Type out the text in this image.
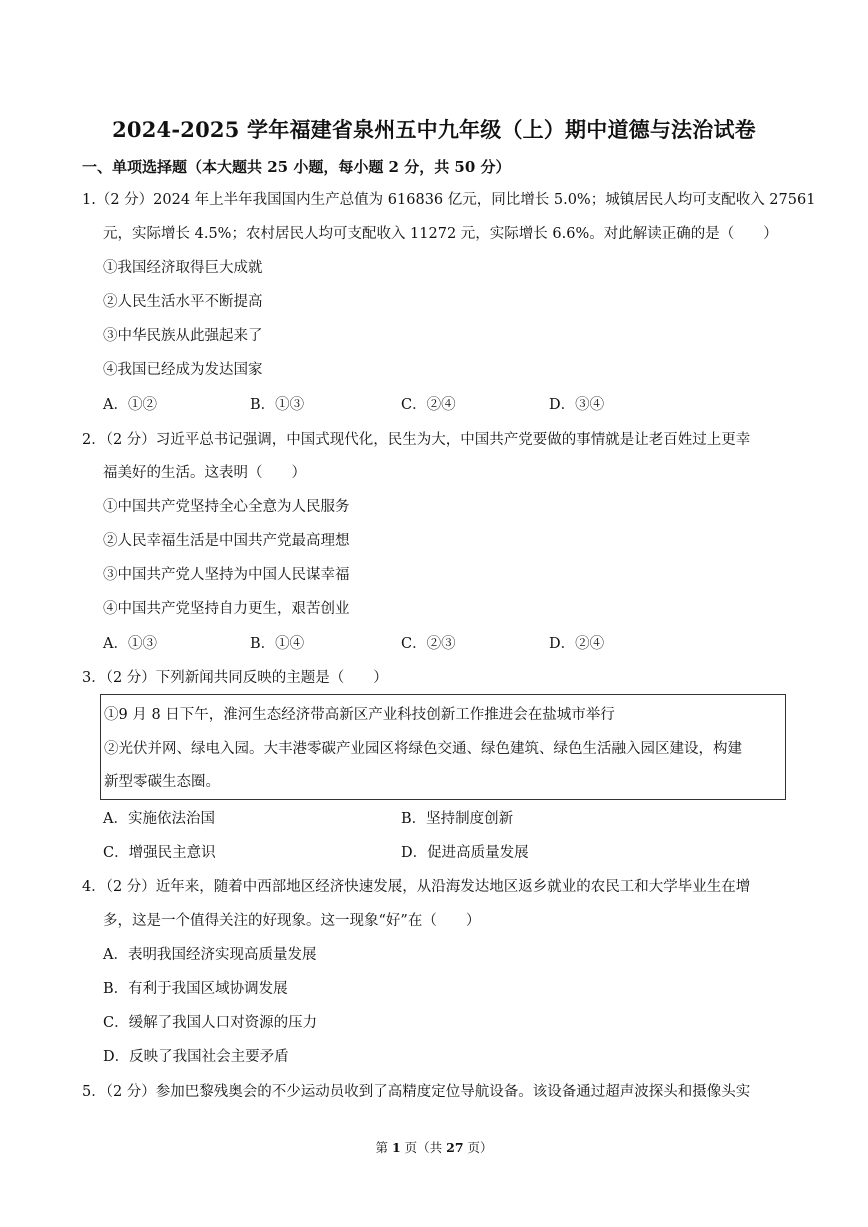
2024-2025 学年福建省泉州五中九年级（上）期中道德与法治试卷
一、单项选择题（本大题共 25 小题，每小题 2 分，共 50 分）
1.（2 分）2024 年上半年我国国内生产总值为 616836 亿元，同比增长 5.0%；城镇居民人均可支配收入 27561
元，实际增长 4.5%；农村居民人均可支配收入 11272 元，实际增长 6.6%。对此解读正确的是（　　）
①我国经济取得巨大成就
②人民生活水平不断提高
③中华民族从此强起来了
④我国已经成为发达国家
A．①②	B．①③	C．②④	D．③④
2．（2 分）习近平总书记强调，中国式现代化，民生为大，中国共产党要做的事情就是让老百姓过上更幸
福美好的生活。这表明（　　）
①中国共产党坚持全心全意为人民服务
②人民幸福生活是中国共产党最高理想
③中国共产党人坚持为中国人民谋幸福
④中国共产党坚持自力更生，艰苦创业
A．①③	B．①④	C．②③	D．②④
3．（2 分）下列新闻共同反映的主题是（　　）
①9 月 8 日下午，淮河生态经济带高新区产业科技创新工作推进会在盐城市举行
②光伏并网、绿电入园。大丰港零碳产业园区将绿色交通、绿色建筑、绿色生活融入园区建设，构建
新型零碳生态圈。
A．实施依法治国	B．坚持制度创新
C．增强民主意识	D．促进高质量发展
4．（2 分）近年来，随着中西部地区经济快速发展，从沿海发达地区返乡就业的农民工和大学毕业生在增
多，这是一个值得关注的好现象。这一现象“好”在（　　）
A．表明我国经济实现高质量发展
B．有利于我国区域协调发展
C．缓解了我国人口对资源的压力
D．反映了我国社会主要矛盾
5．（2 分）参加巴黎残奥会的不少运动员收到了高精度定位导航设备。该设备通过超声波探头和摄像头实
第 1 页（共 27 页）
